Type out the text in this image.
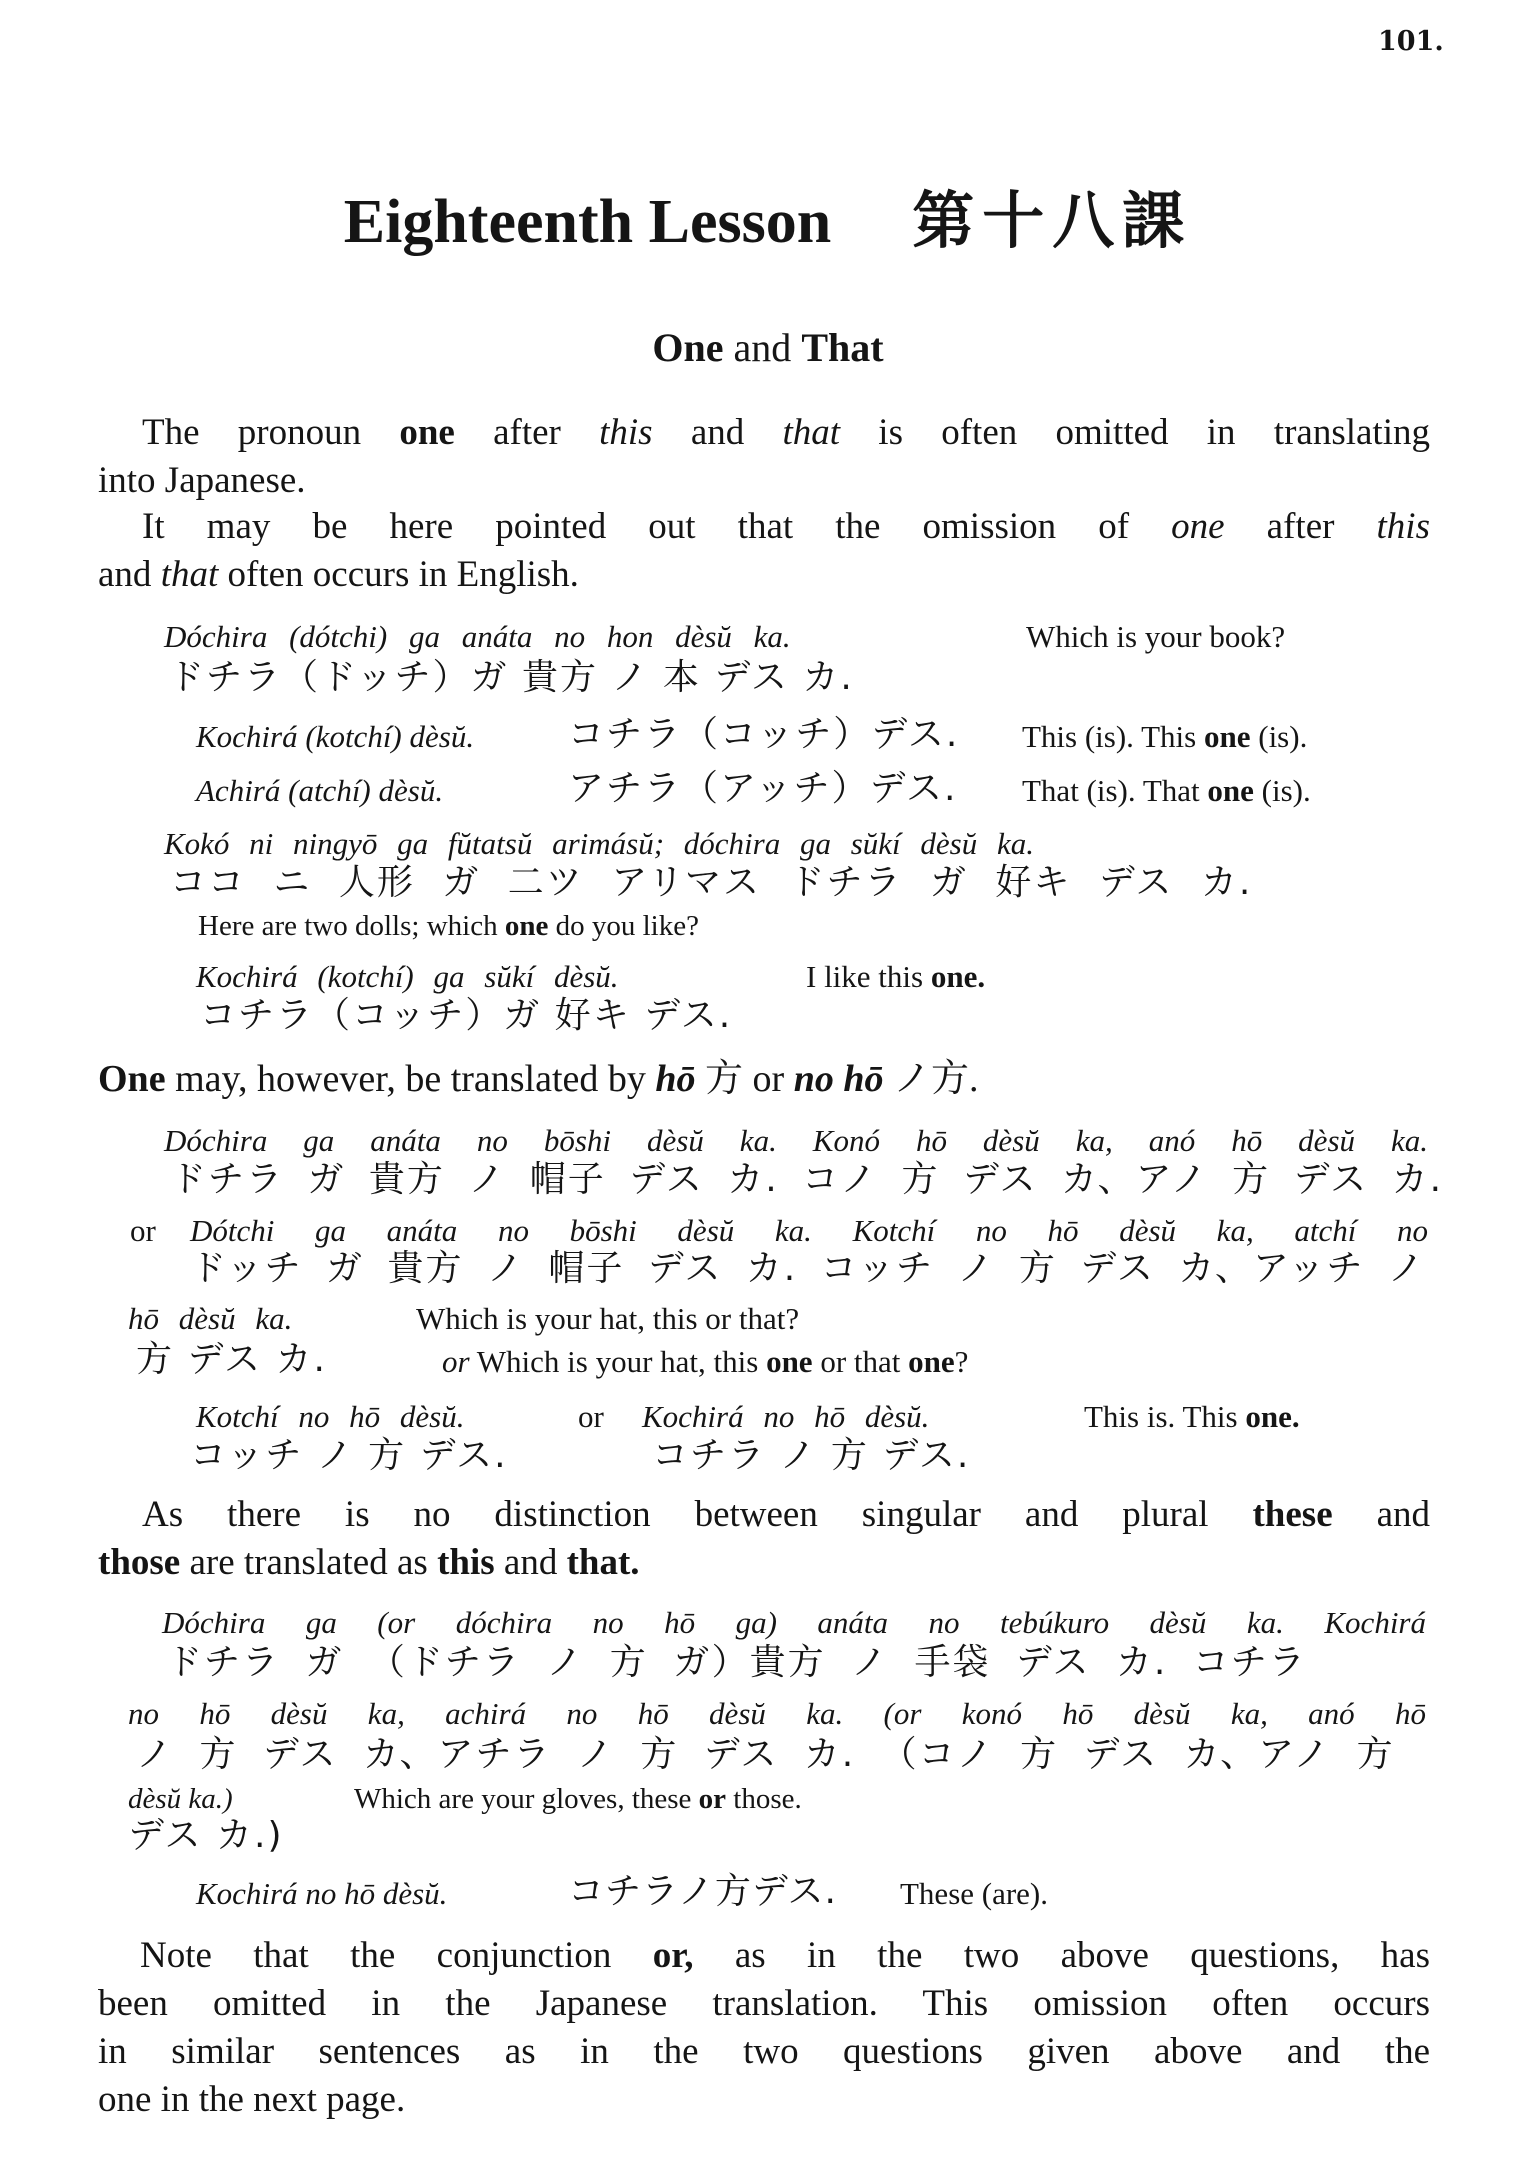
101.
Eighteenth Lesson 第十八課
One and That
The pronoun one after this and that is often omitted in translating
into Japanese.
It may be here pointed out that the omission of one after this
and that often occurs in English.
Dóchira (dótchi) ga anáta no hon dèsŭ ka.	Which is your book?
ドチラ（ドッチ）ガ 貴方 ノ 本 デス カ.
Kochirá (kotchí) dèsŭ.	コチラ（コッチ）デス. This (is). This one (is).
Achirá (atchí) dèsŭ.	アチラ（アッチ）デス. That (is). That one (is).
Kokó ni ningyō ga fŭtatsŭ arimásŭ; dóchira ga sŭkí dèsŭ ka.
ココ ニ 人形 ガ 二ツ アリマス ドチラ ガ 好キ デス カ.
Here are two dolls; which one do you like?
Kochirá (kotchí) ga sŭkí dèsŭ.	I like this one.
コチラ（コッチ）ガ 好キ デス.
One may, however, be translated by hō 方 or no hō ノ方.
Dóchira ga anáta no bōshi dèsŭ ka. Konó hō dèsŭ ka, anó hō dèsŭ ka.
ドチラ ガ 貴方 ノ 帽子 デス カ. コノ 方 デス カ、アノ 方 デス カ.
or Dótchi ga anáta no bōshi dèsŭ ka. Kotchí no hō dèsŭ ka, atchí no
ドッチ ガ 貴方 ノ 帽子 デス カ. コッチ ノ 方 デス カ、アッチ ノ
hō dèsŭ ka.	Which is your hat, this or that?
方 デス カ.	or Which is your hat, this one or that one?
Kotchí no hō dèsŭ.	or Kochirá no hō dèsŭ.	This is. This one.
コッチ ノ 方 デス.	コチラ ノ 方 デス.
As there is no distinction between singular and plural these and
those are translated as this and that.
Dóchira ga (or dóchira no hō ga) anáta no tebúkuro dèsŭ ka. Kochirá
ドチラ ガ （ドチラ ノ 方 ガ）貴方 ノ 手袋 デス カ. コチラ
no hō dèsŭ ka, achirá no hō dèsŭ ka. (or konó hō dèsŭ ka, anó hō
ノ 方 デス カ、アチラ ノ 方 デス カ. （コノ 方 デス カ、アノ 方
dèsŭ ka.)	Which are your gloves, these or those.
デス カ.)
Kochirá no hō dèsŭ.	コチラノ方デス. These (are).
Note that the conjunction or, as in the two above questions, has
been omitted in the Japanese translation. This omission often occurs
in similar sentences as in the two questions given above and the
one in the next page.
